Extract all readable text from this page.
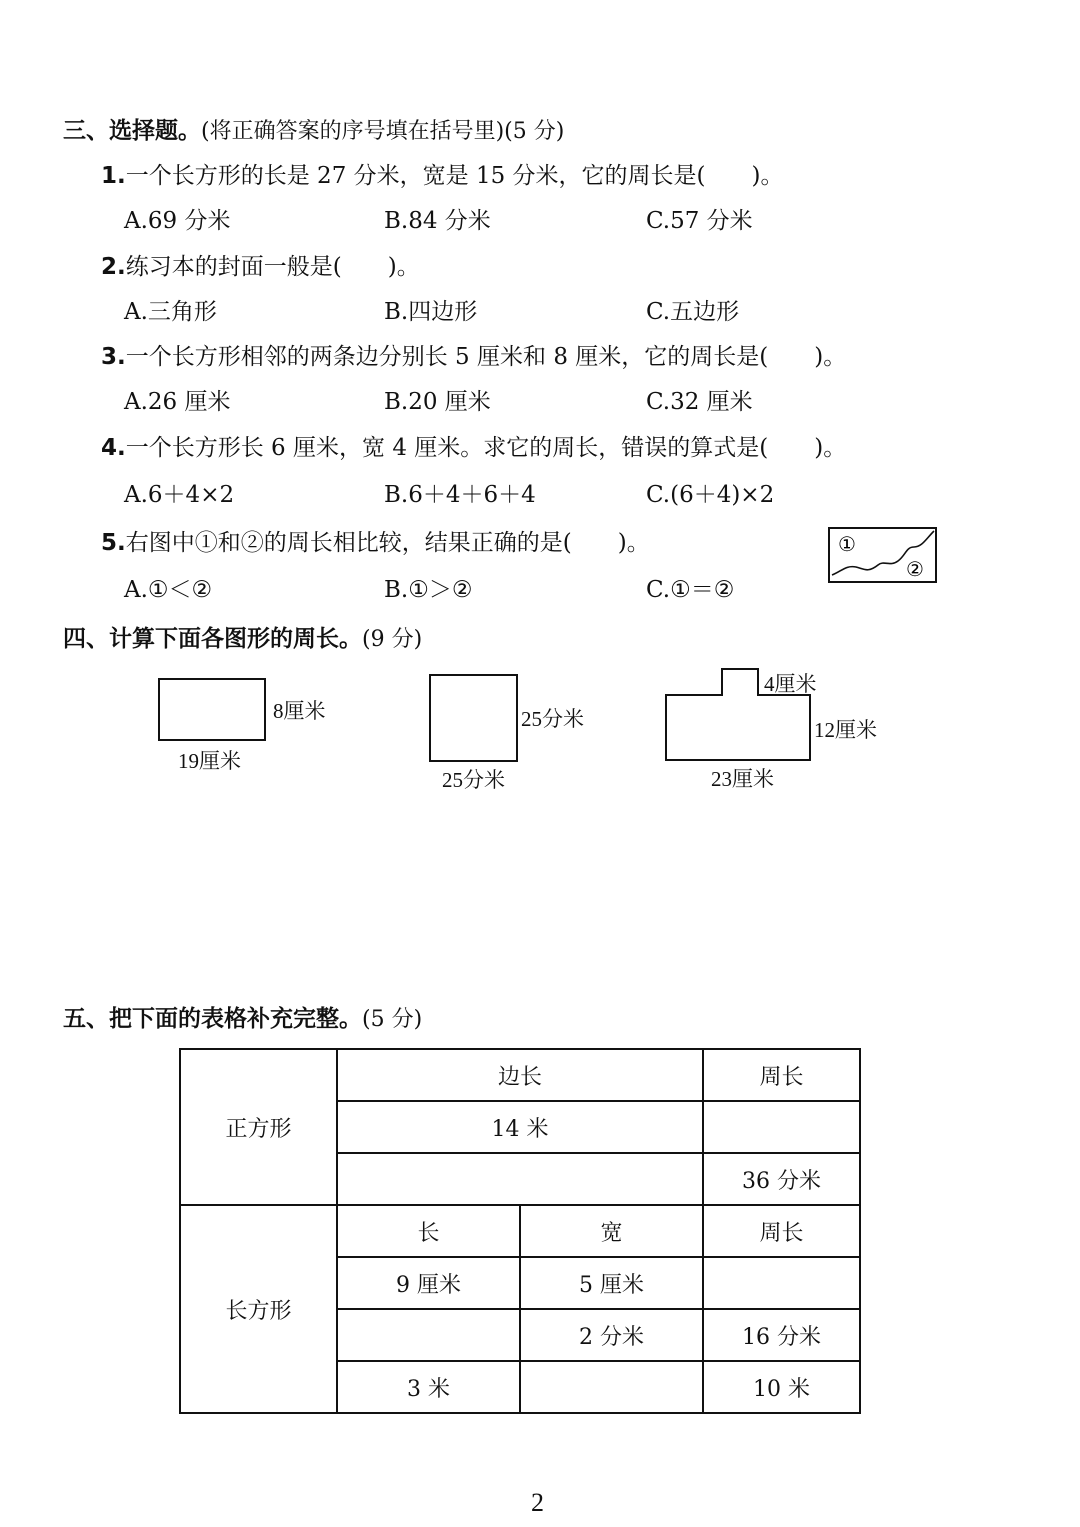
三、选择题。(将正确答案的序号填在括号里)(5 分)
1.一个长方形的长是 27 分米，宽是 15 分米，它的周长是(　　)。
A.69 分米	B.84 分米	C.57 分米
2.练习本的封面一般是(　　)。
A.三角形	B.四边形	C.五边形
3.一个长方形相邻的两条边分别长 5 厘米和 8 厘米，它的周长是(　　)。
A.26 厘米	B.20 厘米	C.32 厘米
4.一个长方形长 6 厘米，宽 4 厘米。求它的周长，错误的算式是(　　)。
A.6＋4×2	B.6＋4＋6＋4	C.(6＋4)×2
5.右图中①和②的周长相比较，结果正确的是(　　)。
A.①＜②	B.①＞②	C.①＝②
①
②
四、计算下面各图形的周长。(9 分)
8厘米
19厘米
25分米
25分米
4厘米
12厘米
23厘米
五、把下面的表格补充完整。(5 分)
正方形	边长		周长
	14 米		
			36 分米
长方形	长	宽	周长
	9 厘米	5 厘米	
		2 分米	16 分米
	3 米		10 米
2
